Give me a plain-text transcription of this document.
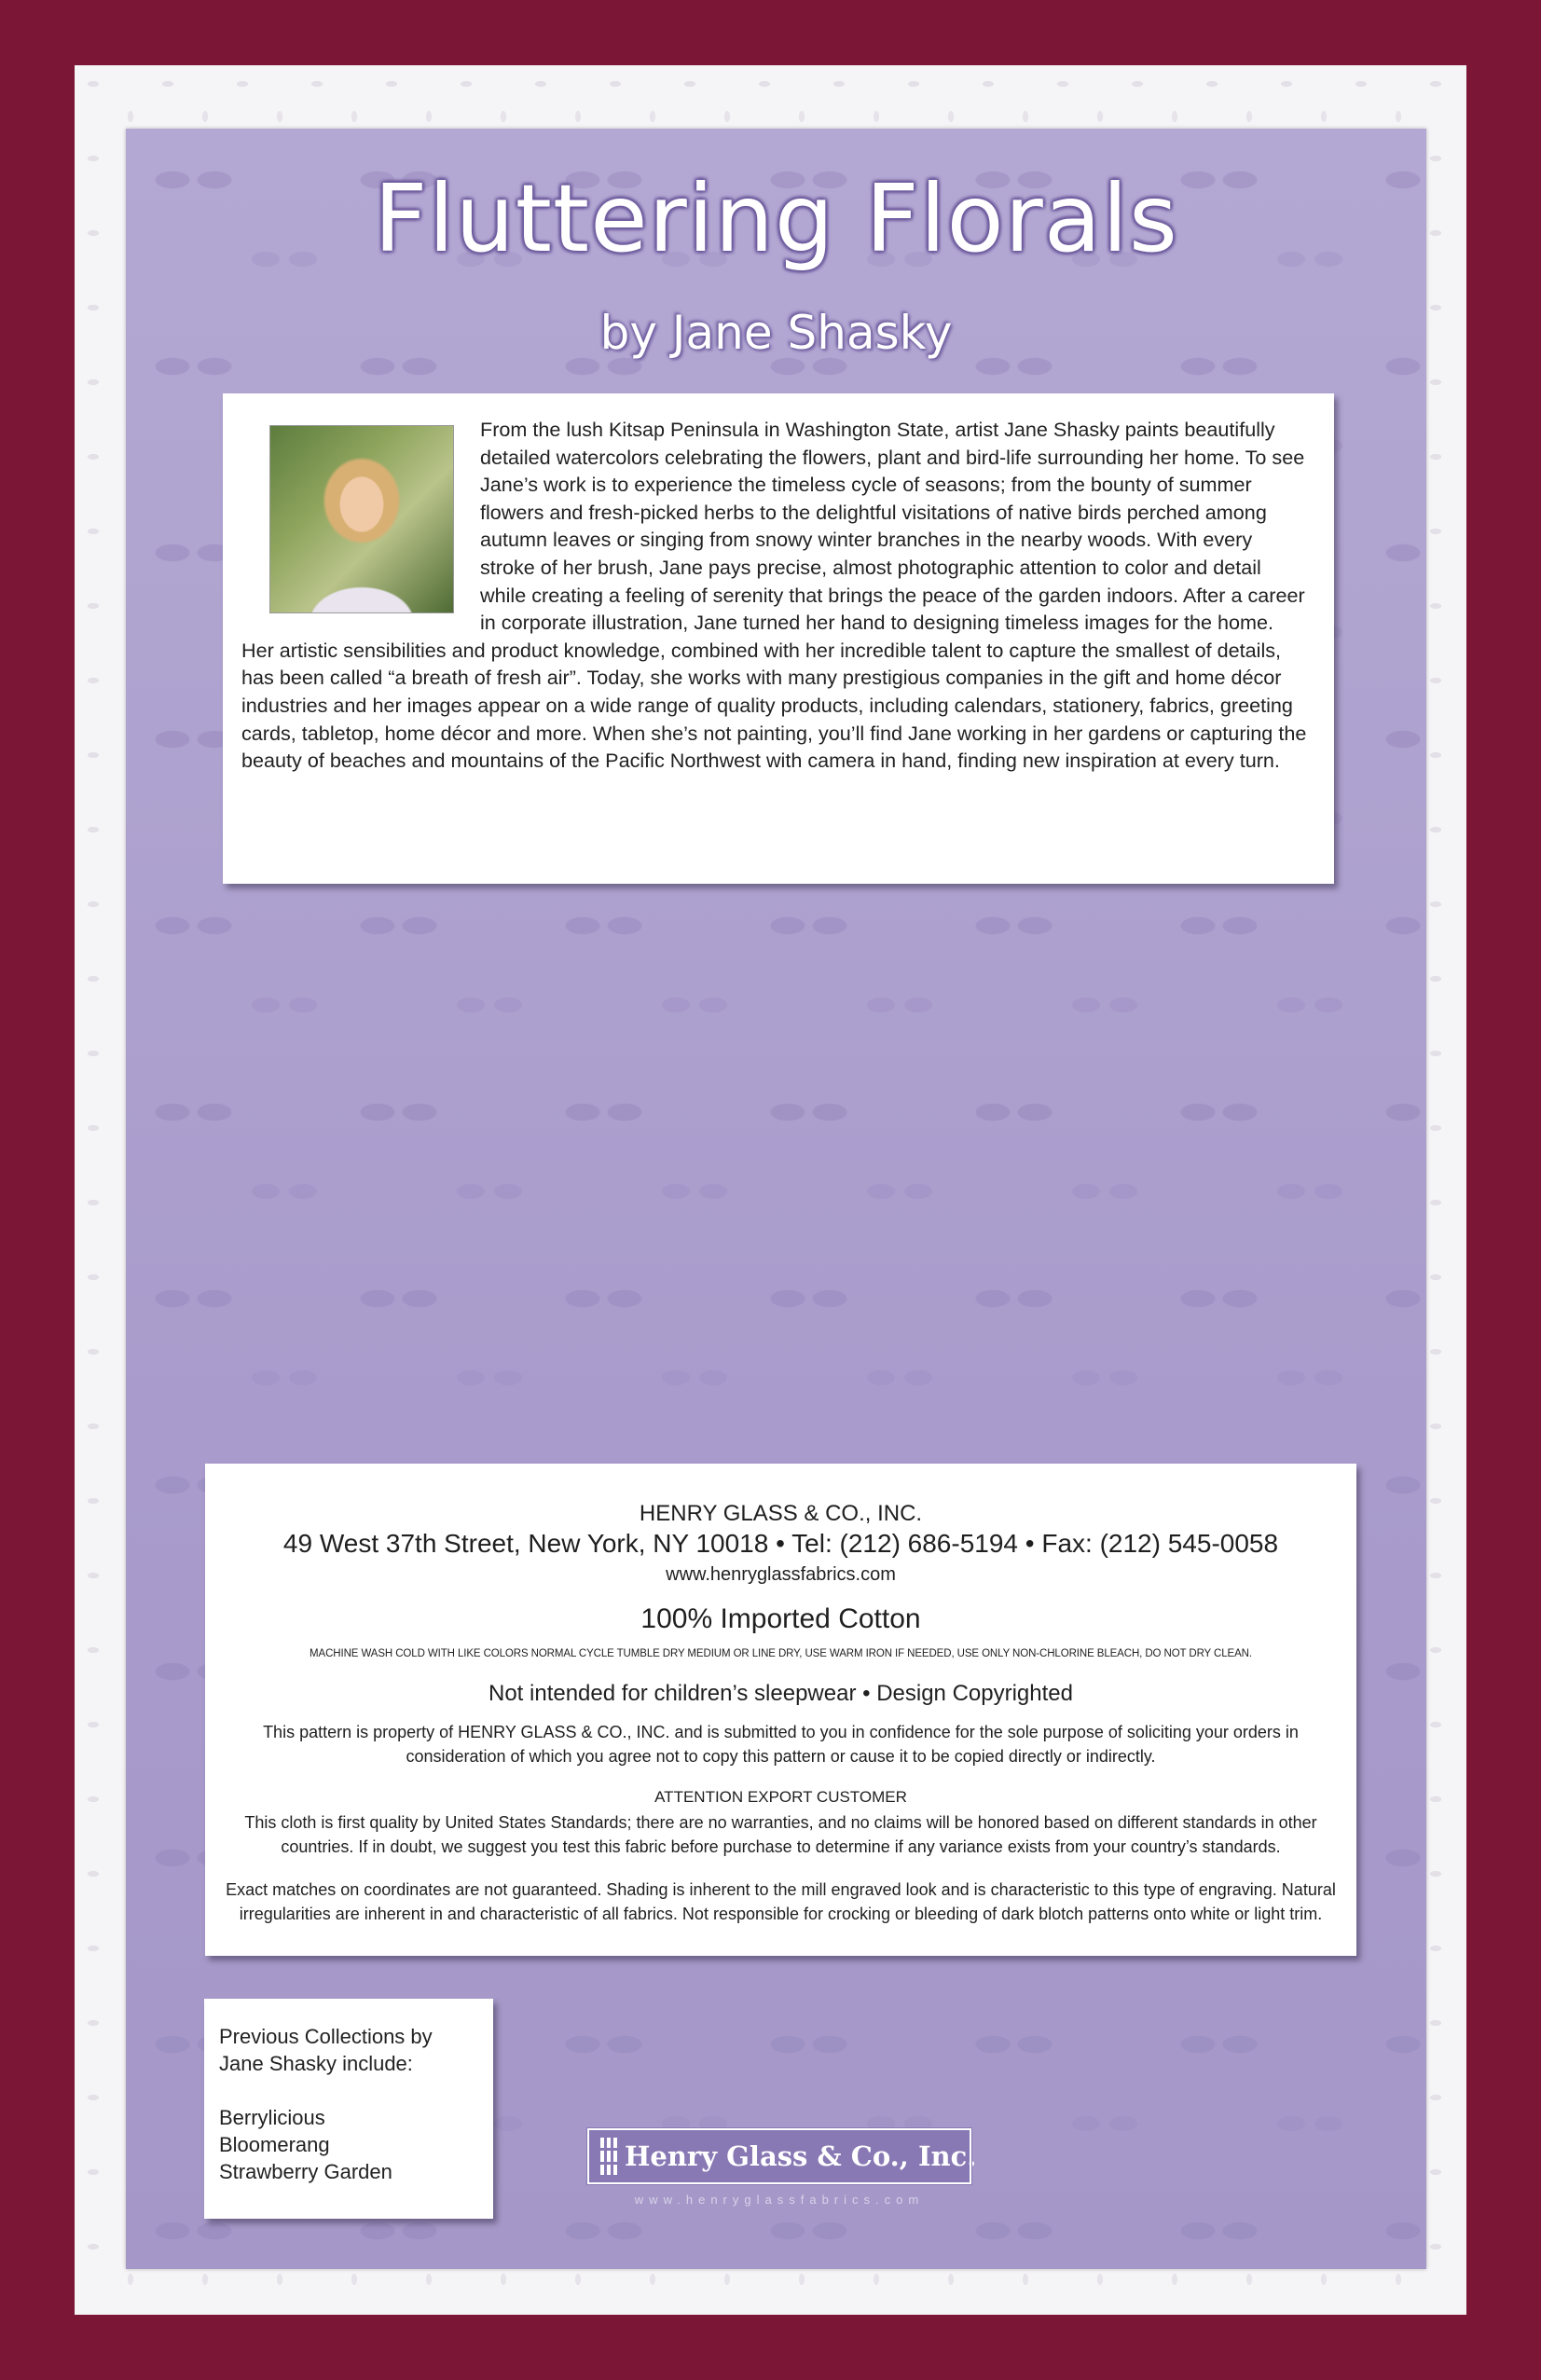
Fluttering Florals
by Jane Shasky

From the lush Kitsap Peninsula in Washington State, artist Jane Shasky paints beautifully detailed watercolors celebrating the flowers, plant and bird-life surrounding her home. To see Jane’s work is to experience the timeless cycle of seasons; from the bounty of summer flowers and fresh-picked herbs to the delightful visitations of native birds perched among autumn leaves or singing from snowy winter branches in the nearby woods. With every stroke of her brush, Jane pays precise, almost photographic attention to color and detail while creating a feeling of serenity that brings the peace of the garden indoors. After a career in corporate illustration, Jane turned her hand to designing timeless images for the home. Her artistic sensibilities and product knowledge, combined with her incredible talent to capture the smallest of details, has been called “a breath of fresh air”. Today, she works with many prestigious companies in the gift and home décor industries and her images appear on a wide range of quality products, including calendars, stationery, fabrics, greeting cards, tabletop, home décor and more. When she’s not painting, you’ll find Jane working in her gardens or capturing the beauty of beaches and mountains of the Pacific Northwest with camera in hand, finding new inspiration at every turn.

HENRY GLASS & CO., INC.
49 West 37th Street, New York, NY 10018 • Tel: (212) 686-5194 • Fax: (212) 545-0058
www.henryglassfabrics.com
100% Imported Cotton
MACHINE WASH COLD WITH LIKE COLORS NORMAL CYCLE TUMBLE DRY MEDIUM OR LINE DRY, USE WARM IRON IF NEEDED, USE ONLY NON-CHLORINE BLEACH, DO NOT DRY CLEAN.
Not intended for children’s sleepwear • Design Copyrighted
This pattern is property of HENRY GLASS & CO., INC. and is submitted to you in confidence for the sole purpose of soliciting your orders in consideration of which you agree not to copy this pattern or cause it to be copied directly or indirectly.
ATTENTION EXPORT CUSTOMER
This cloth is first quality by United States Standards; there are no warranties, and no claims will be honored based on different standards in other countries. If in doubt, we suggest you test this fabric before purchase to determine if any variance exists from your country’s standards.
Exact matches on coordinates are not guaranteed. Shading is inherent to the mill engraved look and is characteristic to this type of engraving. Natural irregularities are inherent in and characteristic of all fabrics. Not responsible for crocking or bleeding of dark blotch patterns onto white or light trim.
Previous Collections by
Jane Shasky include:
Berrylicious
Bloomerang
Strawberry Garden	Henry Glass & Co., Inc.
www.henryglassfabrics.com
